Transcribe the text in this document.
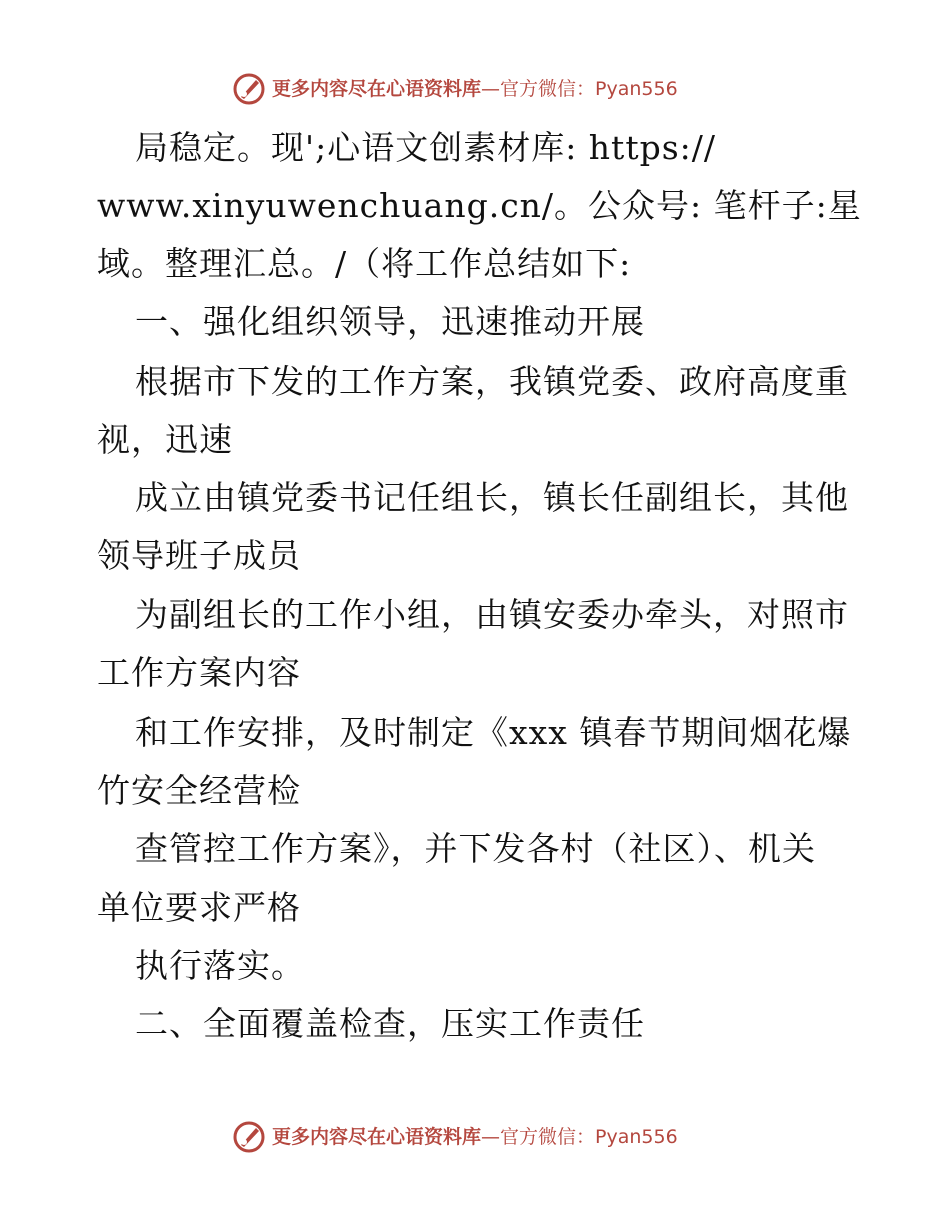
更多内容尽在心语资料库—官方微信：Pyan556
局稳定。现';心语文创素材库: https://
www.xinyuwenchuang.cn/。公众号: 笔杆子:星
域。整理汇总。/（将工作总结如下:
一、强化组织领导，迅速推动开展
根据市下发的工作方案，我镇党委、政府高度重
视，迅速
成立由镇党委书记任组长，镇长任副组长，其他
领导班子成员
为副组长的工作小组，由镇安委办牵头，对照市
工作方案内容
和工作安排，及时制定《xxx 镇春节期间烟花爆
竹安全经营检
查管控工作方案》，并下发各村（社区）、机关
单位要求严格
执行落实。
二、全面覆盖检查，压实工作责任
更多内容尽在心语资料库—官方微信：Pyan556
